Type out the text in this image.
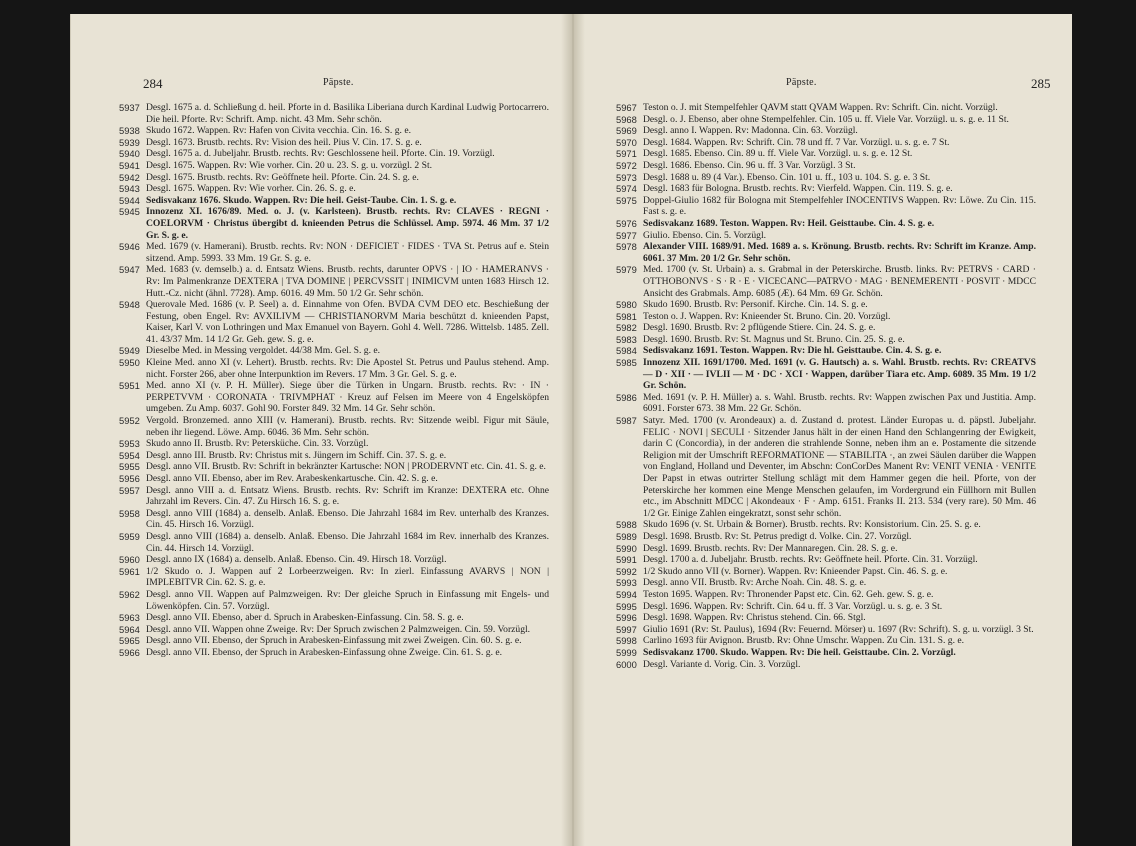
284	Päpste.
5937 Desgl. 1675 a. d. Schließung d. heil. Pforte in d. Basilika Liberiana durch Kardinal Ludwig Portocarrero. Die heil. Pforte. Rv: Schrift. Amp. nicht. 43 Mm. Sehr schön.
5938 Skudo 1672. Wappen. Rv: Hafen von Civita vecchia. Cin. 16. S. g. e.
5939 Desgl. 1673. Brustb. rechts. Rv: Vision des heil. Pius V. Cin. 17. S. g. e.
5940 Desgl. 1675 a. d. Jubeljahr. Brustb. rechts. Rv: Geschlossene heil. Pforte. Cin. 19. Vorzügl.
5941 Desgl. 1675. Wappen. Rv: Wie vorher. Cin. 20 u. 23. S. g. u. vorzügl. 2 St.
5942 Desgl. 1675. Brustb. rechts. Rv: Geöffnete heil. Pforte. Cin. 24. S. g. e.
5943 Desgl. 1675. Wappen. Rv: Wie vorher. Cin. 26. S. g. e.
5944 Sedisvakanz 1676. Skudo. Wappen. Rv: Die heil. Geist-Taube. Cin. 1. S. g. e.
5945 Innozenz XI. 1676/89. Med. o. J. (v. Karlsteen). Brustb. rechts. Rv: CLAVES · REGNI · COELORVM · Christus übergibt d. knieenden Petrus die Schlüssel. Amp. 5974. 46 Mm. 37 1/2 Gr. S. g. e.
5946 Med. 1679 (v. Hamerani). Brustb. rechts. Rv: NON · DEFICIET · FIDES · TVA St. Petrus auf e. Stein sitzend. Amp. 5993. 33 Mm. 19 Gr. S. g. e.
5947 Med. 1683 (v. demselb.) a. d. Entsatz Wiens. Brustb. rechts, darunter OPVS · | IO · HAMERANVS · Rv: Im Palmenkranze DEXTERA | TVA DOMINE | PERCVSSIT | INIMICVM unten 1683 Hirsch 12. Hutt.-Cz. nicht (ähnl. 7728). Amp. 6016. 49 Mm. 50 1/2 Gr. Sehr schön.
5948 Querovale Med. 1686 (v. P. Seel) a. d. Einnahme von Ofen. BVDA CVM DEO etc. Beschießung der Festung, oben Engel. Rv: AVXILIVM — CHRISTIANORVM Maria beschützt d. knieenden Papst, Kaiser, Karl V. von Lothringen und Max Emanuel von Bayern. Gohl 4. Well. 7286. Wittelsb. 1485. Zell. 41. 43/37 Mm. 14 1/2 Gr. Geh. gew. S. g. e.
5949 Dieselbe Med. in Messing vergoldet. 44/38 Mm. Gel. S. g. e.
5950 Kleine Med. anno XI (v. Lehert). Brustb. rechts. Rv: Die Apostel St. Petrus und Paulus stehend. Amp. nicht. Forster 266, aber ohne Interpunktion im Revers. 17 Mm. 3 Gr. Gel. S. g. e.
5951 Med. anno XI (v. P. H. Müller). Siege über die Türken in Ungarn. Brustb. rechts. Rv: · IN · PERPETVVM · CORONATA · TRIVMPHAT · Kreuz auf Felsen im Meere von 4 Engelsköpfen umgeben. Zu Amp. 6037. Gohl 90. Forster 849. 32 Mm. 14 Gr. Sehr schön.
5952 Vergold. Bronzemed. anno XIII (v. Hamerani). Brustb. rechts. Rv: Sitzende weibl. Figur mit Säule, neben ihr liegend. Löwe. Amp. 6046. 36 Mm. Sehr schön.
5953 Skudo anno II. Brustb. Rv: Petersküche. Cin. 33. Vorzügl.
5954 Desgl. anno III. Brustb. Rv: Christus mit s. Jüngern im Schiff. Cin. 37. S. g. e.
5955 Desgl. anno VII. Brustb. Rv: Schrift in bekränzter Kartusche: NON | PRODERVNT etc. Cin. 41. S. g. e.
5956 Desgl. anno VII. Ebenso, aber im Rev. Arabeskenkartusche. Cin. 42. S. g. e.
5957 Desgl. anno VIII a. d. Entsatz Wiens. Brustb. rechts. Rv: Schrift im Kranze: DEXTERA etc. Ohne Jahrzahl im Revers. Cin. 47. Zu Hirsch 16. S. g. e.
5958 Desgl. anno VIII (1684) a. denselb. Anlaß. Ebenso. Die Jahrzahl 1684 im Rev. unterhalb des Kranzes. Cin. 45. Hirsch 16. Vorzügl.
5959 Desgl. anno VIII (1684) a. denselb. Anlaß. Ebenso. Die Jahrzahl 1684 im Rev. innerhalb des Kranzes. Cin. 44. Hirsch 14. Vorzügl.
5960 Desgl. anno IX (1684) a. denselb. Anlaß. Ebenso. Cin. 49. Hirsch 18. Vorzügl.
5961 1/2 Skudo o. J. Wappen auf 2 Lorbeerzweigen. Rv: In zierl. Einfassung AVARVS | NON | IMPLEBITVR Cin. 62. S. g. e.
5962 Desgl. anno VII. Wappen auf Palmzweigen. Rv: Der gleiche Spruch in Einfassung mit Engels- und Löwenköpfen. Cin. 57. Vorzügl.
5963 Desgl. anno VII. Ebenso, aber d. Spruch in Arabesken-Einfassung. Cin. 58. S. g. e.
5964 Desgl. anno VII. Wappen ohne Zweige. Rv: Der Spruch zwischen 2 Palmzweigen. Cin. 59. Vorzügl.
5965 Desgl. anno VII. Ebenso, der Spruch in Arabesken-Einfassung mit zwei Zweigen. Cin. 60. S. g. e.
5966 Desgl. anno VII. Ebenso, der Spruch in Arabesken-Einfassung ohne Zweige. Cin. 61. S. g. e.
285
Päpste.
5967 Teston o. J. mit Stempelfehler QAVM statt QVAM Wappen. Rv: Schrift. Cin. nicht. Vorzügl.
5968 Desgl. o. J. Ebenso, aber ohne Stempelfehler. Cin. 105 u. ff. Viele Var. Vorzügl. u. s. g. e. 11 St.
5969 Desgl. anno I. Wappen. Rv: Madonna. Cin. 63. Vorzügl.
5970 Desgl. 1684. Wappen. Rv: Schrift. Cin. 78 und ff. 7 Var. Vorzügl. u. s. g. e. 7 St.
5971 Desgl. 1685. Ebenso. Cin. 89 u. ff. Viele Var. Vorzügl. u. s. g. e. 12 St.
5972 Desgl. 1686. Ebenso. Cin. 96 u. ff. 3 Var. Vorzügl. 3 St.
5973 Desgl. 1688 u. 89 (4 Var.). Ebenso. Cin. 101 u. ff., 103 u. 104. S. g. e. 3 St.
5974 Desgl. 1683 für Bologna. Brustb. rechts. Rv: Vierfeld. Wappen. Cin. 119. S. g. e.
5975 Doppel-Giulio 1682 für Bologna mit Stempelfehler INOCENTIVS Wappen. Rv: Löwe. Zu Cin. 115. Fast s. g. e.
5976 Sedisvakanz 1689. Teston. Wappen. Rv: Heil. Geisttaube. Cin. 4. S. g. e.
5977 Giulio. Ebenso. Cin. 5. Vorzügl.
5978 Alexander VIII. 1689/91. Med. 1689 a. s. Krönung. Brustb. rechts. Rv: Schrift im Kranze. Amp. 6061. 37 Mm. 20 1/2 Gr. Sehr schön.
5979 Med. 1700 (v. St. Urbain) a. s. Grabmal in der Peterskirche. Brustb. links. Rv: PETRVS · CARD · OTTHOBONVS · S · R · E · VICECANC—PATRVO · MAG · BENEMERENTI · POSVIT · MDCC Ansicht des Grabmals. Amp. 6085 (Æ). 64 Mm. 69 Gr. Schön.
5980 Skudo 1690. Brustb. Rv: Personif. Kirche. Cin. 14. S. g. e.
5981 Teston o. J. Wappen. Rv: Knieender St. Bruno. Cin. 20. Vorzügl.
5982 Desgl. 1690. Brustb. Rv: 2 pflügende Stiere. Cin. 24. S. g. e.
5983 Desgl. 1690. Brustb. Rv: St. Magnus und St. Bruno. Cin. 25. S. g. e.
5984 Sedisvakanz 1691. Teston. Wappen. Rv: Die hl. Geisttaube. Cin. 4. S. g. e.
5985 Innozenz XII. 1691/1700. Med. 1691 (v. G. Hautsch) a. s. Wahl. Brustb. rechts. Rv: CREATVS — D · XII · — IVLII — M · DC · XCI · Wappen, darüber Tiara etc. Amp. 6089. 35 Mm. 19 1/2 Gr. Schön.
5986 Med. 1691 (v. P. H. Müller) a. s. Wahl. Brustb. rechts. Rv: Wappen zwischen Pax und Justitia. Amp. 6091. Forster 673. 38 Mm. 22 Gr. Schön.
5987 Satyr. Med. 1700 (v. Arondeaux) a. d. Zustand d. protest. Länder Europas u. d. päpstl. Jubeljahr. FELIC · NOVI | SECULI · Sitzender Janus hält in der einen Hand den Schlangenring der Ewigkeit, darin C (Concordia), in der anderen die strahlende Sonne, neben ihm an e. Postamente die sitzende Religion mit der Umschrift REFORMATIONE — STABILITA ·, an zwei Säulen darüber die Wappen von England, Holland und Deventer, im Abschn: ConCorDes Manent Rv: VENIT VENIA · VENITE Der Papst in etwas outrirter Stellung schlägt mit dem Hammer gegen die heil. Pforte, von der Peterskirche her kommen eine Menge Menschen gelaufen, im Vordergrund ein Füllhorn mit Bullen etc., im Abschnitt MDCC | Akondeaux · F · Amp. 6151. Franks II. 213. 534 (very rare). 50 Mm. 46 1/2 Gr. Einige Zahlen eingekratzt, sonst sehr schön.
5988 Skudo 1696 (v. St. Urbain & Borner). Brustb. rechts. Rv: Konsistorium. Cin. 25. S. g. e.
5989 Desgl. 1698. Brustb. Rv: St. Petrus predigt d. Volke. Cin. 27. Vorzügl.
5990 Desgl. 1699. Brustb. rechts. Rv: Der Mannaregen. Cin. 28. S. g. e.
5991 Desgl. 1700 a. d. Jubeljahr. Brustb. rechts. Rv: Geöffnete heil. Pforte. Cin. 31. Vorzügl.
5992 1/2 Skudo anno VII (v. Borner). Wappen. Rv: Knieender Papst. Cin. 46. S. g. e.
5993 Desgl. anno VII. Brustb. Rv: Arche Noah. Cin. 48. S. g. e.
5994 Teston 1695. Wappen. Rv: Thronender Papst etc. Cin. 62. Geh. gew. S. g. e.
5995 Desgl. 1696. Wappen. Rv: Schrift. Cin. 64 u. ff. 3 Var. Vorzügl. u. s. g. e. 3 St.
5996 Desgl. 1698. Wappen. Rv: Christus stehend. Cin. 66. Stgl.
5997 Giulio 1691 (Rv: St. Paulus), 1694 (Rv: Feuernd. Mörser) u. 1697 (Rv: Schrift). S. g. u. vorzügl. 3 St.
5998 Carlino 1693 für Avignon. Brustb. Rv: Ohne Umschr. Wappen. Zu Cin. 131. S. g. e.
5999 Sedisvakanz 1700. Skudo. Wappen. Rv: Die heil. Geisttaube. Cin. 2. Vorzügl.
6000 Desgl. Variante d. Vorig. Cin. 3. Vorzügl.
